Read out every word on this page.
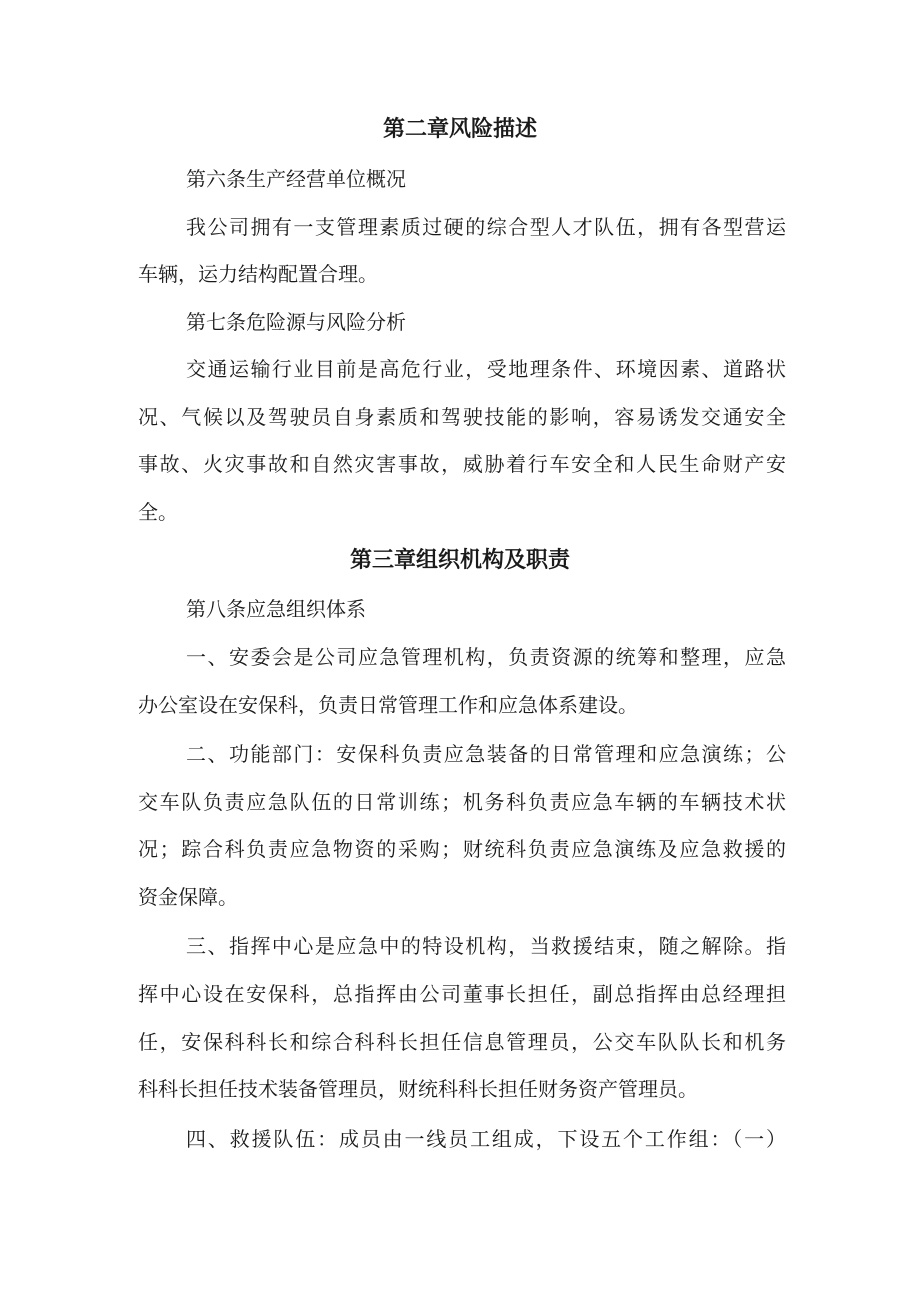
第二章风险描述
第六条生产经营单位概况
我公司拥有一支管理素质过硬的综合型人才队伍，拥有各型营运
车辆，运力结构配置合理。
第七条危险源与风险分析
交通运输行业目前是高危行业，受地理条件、环境因素、道路状
况、气候以及驾驶员自身素质和驾驶技能的影响，容易诱发交通安全
事故、火灾事故和自然灾害事故，威胁着行车安全和人民生命财产安
全。
第三章组织机构及职责
第八条应急组织体系
一、安委会是公司应急管理机构，负责资源的统筹和整理，应急
办公室设在安保科，负责日常管理工作和应急体系建设。
二、功能部门：安保科负责应急装备的日常管理和应急演练；公
交车队负责应急队伍的日常训练；机务科负责应急车辆的车辆技术状
况；踪合科负责应急物资的采购；财统科负责应急演练及应急救援的
资金保障。
三、指挥中心是应急中的特设机构，当救援结束，随之解除。指
挥中心设在安保科，总指挥由公司董事长担任，副总指挥由总经理担
任，安保科科长和综合科科长担任信息管理员，公交车队队长和机务
科科长担任技术装备管理员，财统科科长担任财务资产管理员。
四、救援队伍：成员由一线员工组成，下设五个工作组：（一）
